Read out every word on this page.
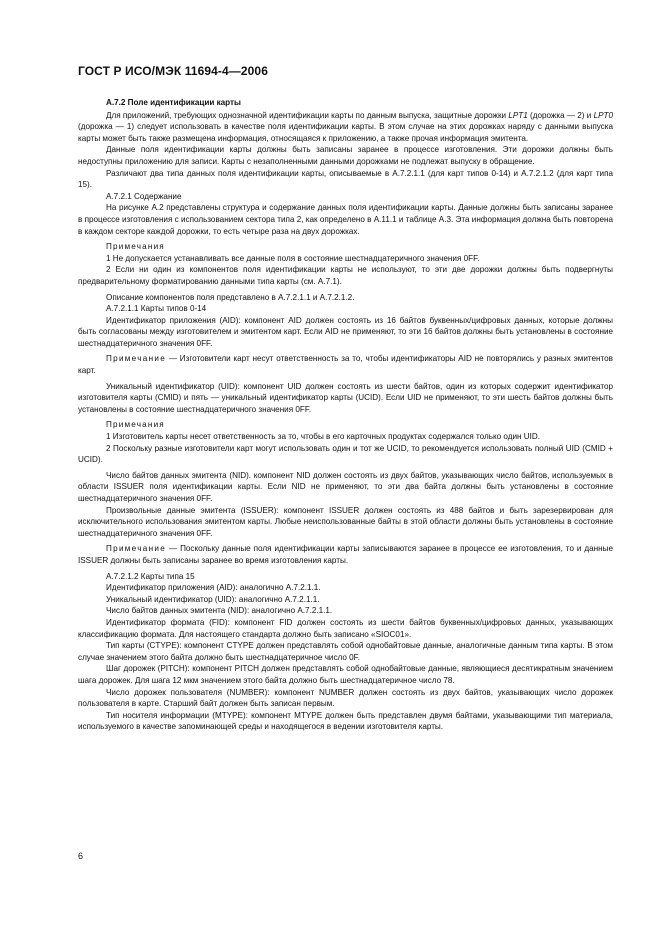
ГОСТ Р ИСО/МЭК 11694-4—2006

А.7.2 Поле идентификации карты

Для приложений, требующих однозначной идентификации карты по данным выпуска, защитные дорожки LPT1 (дорожка — 2) и LPT0 (дорожка — 1) следует использовать в качестве поля идентификации карты. В этом случае на этих дорожках наряду с данными выпуска карты может быть также размещена информация, относящаяся к приложению, а также прочая информация эмитента.

Данные поля идентификации карты должны быть записаны заранее в процессе изготовления. Эти дорожки должны быть недоступны приложению для записи. Карты с незаполненными данными дорожками не подлежат выпуску в обращение.

Различают два типа данных поля идентификации карты, описываемые в А.7.2.1.1 (для карт типов 0-14) и А.7.2.1.2 (для карт типа 15).

А.7.2.1 Содержание

На рисунке А.2 представлены структура и содержание данных поля идентификации карты. Данные должны быть записаны заранее в процессе изготовления с использованием сектора типа 2, как определено в А.11.1 и таблице А.3. Эта информация должна быть повторена в каждом секторе каждой дорожки, то есть четыре раза на двух дорожках.

Примечания

1 Не допускается устанавливать все данные поля в состояние шестнадцатеричного значения 0FF.

2 Если ни один из компонентов поля идентификации карты не используют, то эти две дорожки должны быть подвергнуты предварительному форматированию данными типа карты (см. А.7.1).

Описание компонентов поля представлено в А.7.2.1.1 и А.7.2.1.2.

А.7.2.1.1 Карты типов 0-14

Идентификатор приложения (AID): компонент AID должен состоять из 16 байтов буквенных/цифровых данных, которые должны быть согласованы между изготовителем и эмитентом карт. Если AID не применяют, то эти 16 байтов должны быть установлены в состояние шестнадцатеричного значения 0FF.

Примечание — Изготовители карт несут ответственность за то, чтобы идентификаторы AID не повторялись у разных эмитентов карт.

Уникальный идентификатор (UID): компонент UID должен состоять из шести байтов, один из которых содержит идентификатор изготовителя карты (CMID) и пять — уникальный идентификатор карты (UCID). Если UID не применяют, то эти шесть байтов должны быть установлены в состояние шестнадцатеричного значения 0FF.

Примечания

1 Изготовитель карты несет ответственность за то, чтобы в его карточных продуктах содержался только один UID.

2 Поскольку разные изготовители карт могут использовать один и тот же UCID, то рекомендуется использовать полный UID (CMID + UCID).

Число байтов данных эмитента (NID). компонент NID должен состоять из двух байтов, указывающих число байтов, используемых в области ISSUER поля идентификации карты. Если NID не применяют, то эти два байта должны быть установлены в состояние шестнадцатеричного значения 0FF.

Произвольные данные эмитента (ISSUER): компонент ISSUER должен состоять из 488 байтов и быть зарезервирован для исключительного использования эмитентом карты. Любые неиспользованные байты в этой области должны быть установлены в состояние шестнадцатеричного значения 0FF.

Примечание — Поскольку данные поля идентификации карты записываются заранее в процессе ее изготовления, то и данные ISSUER должны быть записаны заранее во время изготовления карты.

А.7.2.1.2 Карты типа 15

Идентификатор приложения (AID): аналогично А.7.2.1.1.

Уникальный идентификатор (UID): аналогично А.7.2.1.1.

Число байтов данных эмитента (NID): аналогично А.7.2.1.1.

Идентификатор формата (FID): компонент FID должен состоять из шести байтов буквенных/цифровых данных, указывающих классификацию формата. Для настоящего стандарта должно быть записано «SIOC01».

Тип карты (CTYPE): компонент CTYPE должен представлять собой однобайтовые данные, аналогичные данным типа карты. В этом случае значением этого байта должно быть шестнадцатеричное число 0F.

Шаг дорожек (PITCH): компонент PITCH должен представлять собой однобайтовые данные, являющиеся десятикратным значением шага дорожек. Для шага 12 мкм значением этого байта должно быть шестнадцатеричное число 78.

Число дорожек пользователя (NUMBER): компонент NUMBER должен состоять из двух байтов, указывающих число дорожек пользователя в карте. Старший байт должен быть записан первым.

Тип носителя информации (MTYPE): компонент MTYPE должен быть представлен двумя байтами, указывающими тип материала, используемого в качестве запоминающей среды и находящегося в ведении изготовителя карты.

6
